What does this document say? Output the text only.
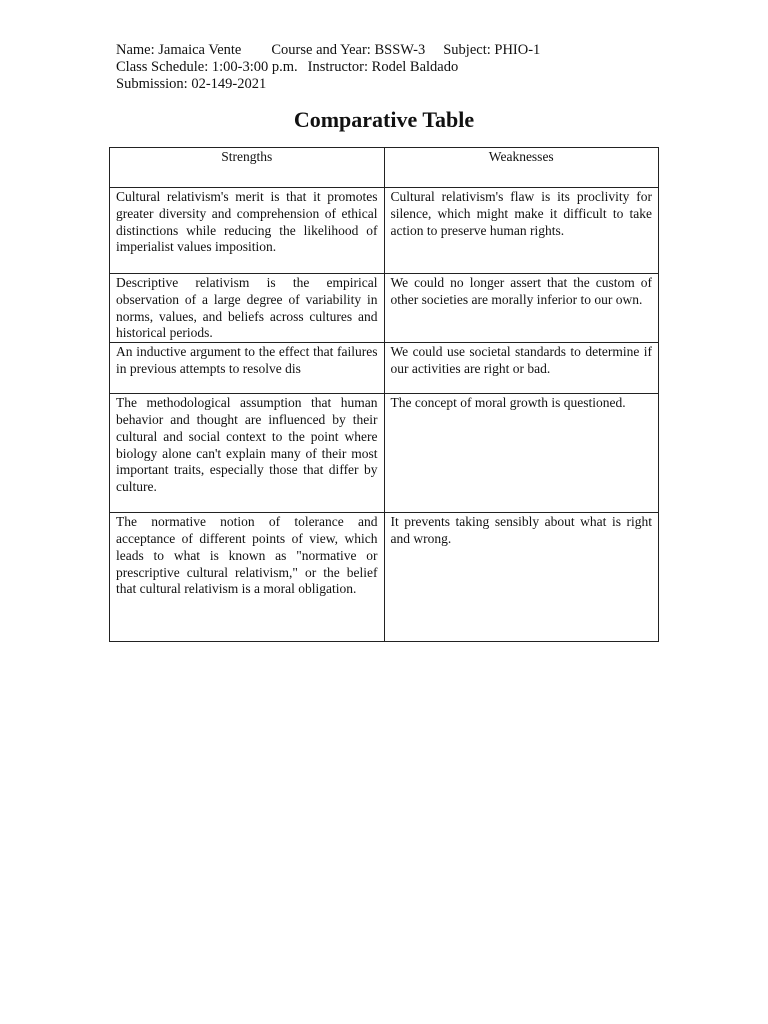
Name: Jamaica Vente Course and Year: BSSW-3 Subject: PHIO-1
Class Schedule: 1:00-3:00 p.m. Instructor: Rodel Baldado
Submission: 02-149-2021
Comparative Table
Strengths	Weaknesses
Cultural relativism's merit is that it promotes greater diversity and comprehension of ethical distinctions while reducing the likelihood of imperialist values imposition.	Cultural relativism's flaw is its proclivity for silence, which might make it difficult to take action to preserve human rights.
Descriptive relativism is the empirical observation of a large degree of variability in norms, values, and beliefs across cultures and historical periods.	We could no longer assert that the custom of other societies are morally inferior to our own.
An inductive argument to the effect that failures in previous attempts to resolve dis	We could use societal standards to determine if our activities are right or bad.
The methodological assumption that human behavior and thought are influenced by their cultural and social context to the point where biology alone can't explain many of their most important traits, especially those that differ by culture.	The concept of moral growth is questioned.
The normative notion of tolerance and acceptance of different points of view, which leads to what is known as "normative or prescriptive cultural relativism," or the belief that cultural relativism is a moral obligation.	It prevents taking sensibly about what is right and wrong.
